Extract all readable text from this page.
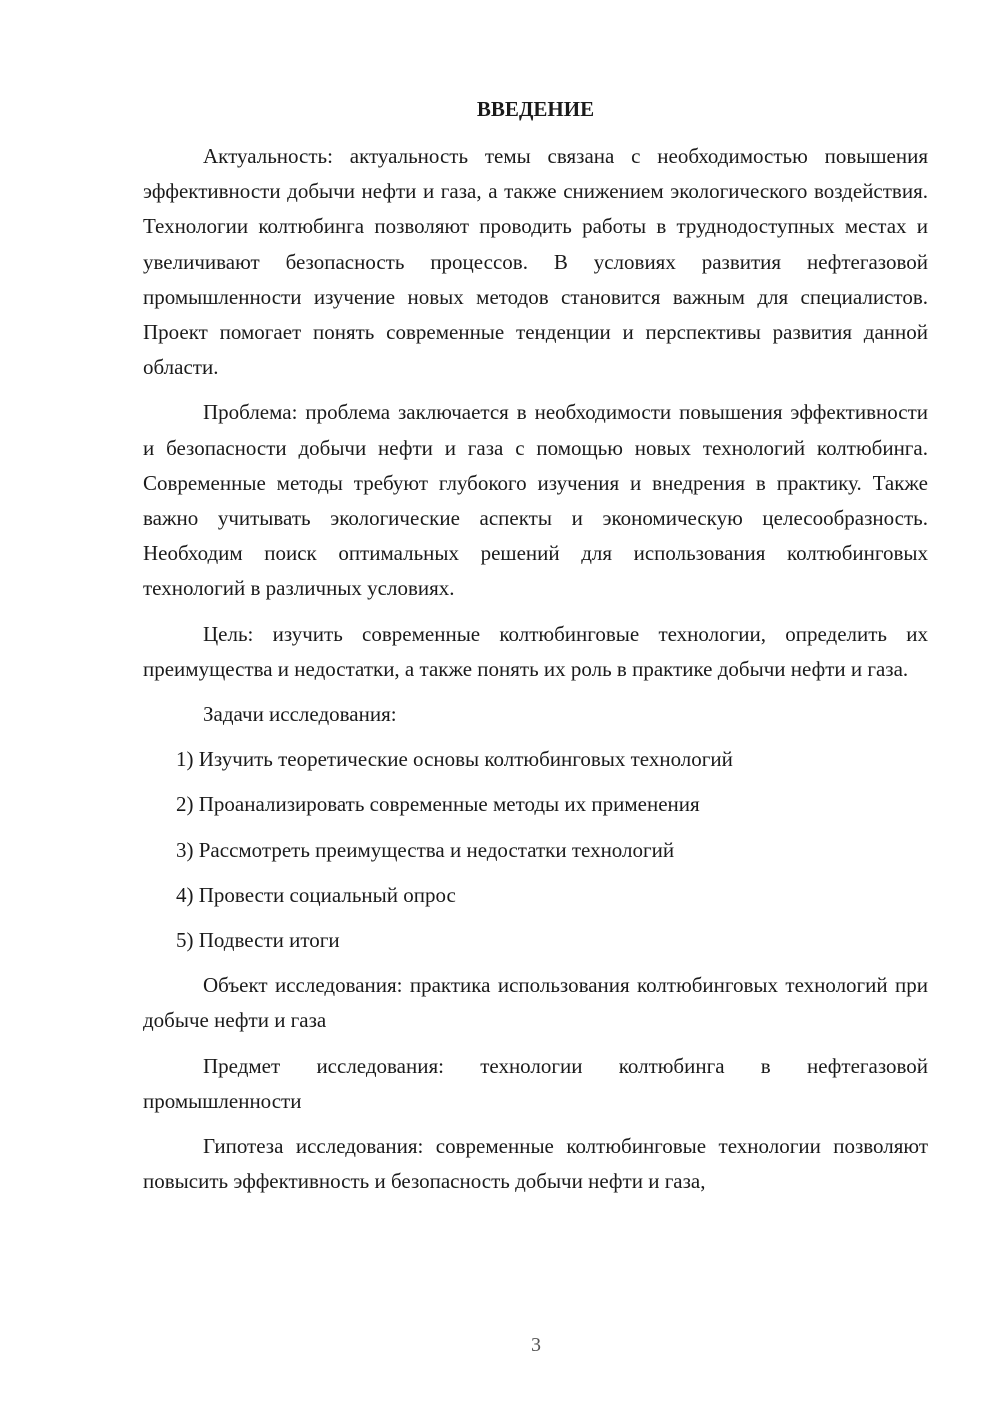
ВВЕДЕНИЕ

Актуальность: актуальность темы связана с необходимостью повышения эффективности добычи нефти и газа, а также снижением экологического воздействия. Технологии колтюбинга позволяют проводить работы в труднодоступных местах и увеличивают безопасность процессов. В условиях развития нефтегазовой промышленности изучение новых методов становится важным для специалистов. Проект помогает понять современные тенденции и перспективы развития данной области.

Проблема: проблема заключается в необходимости повышения эффективности и безопасности добычи нефти и газа с помощью новых технологий колтюбинга. Современные методы требуют глубокого изучения и внедрения в практику. Также важно учитывать экологические аспекты и экономическую целесообразность. Необходим поиск оптимальных решений для использования колтюбинговых технологий в различных условиях.

Цель: изучить современные колтюбинговые технологии, определить их преимущества и недостатки, а также понять их роль в практике добычи нефти и газа.

Задачи исследования:

1) Изучить теоретические основы колтюбинговых технологий
2) Проанализировать современные методы их применения
3) Рассмотреть преимущества и недостатки технологий
4) Провести социальный опрос
5) Подвести итоги

Объект исследования: практика использования колтюбинговых технологий при добыче нефти и газа

Предмет исследования: технологии колтюбинга в нефтегазовой промышленности

Гипотеза исследования: современные колтюбинговые технологии позволяют повысить эффективность и безопасность добычи нефти и газа,

3
